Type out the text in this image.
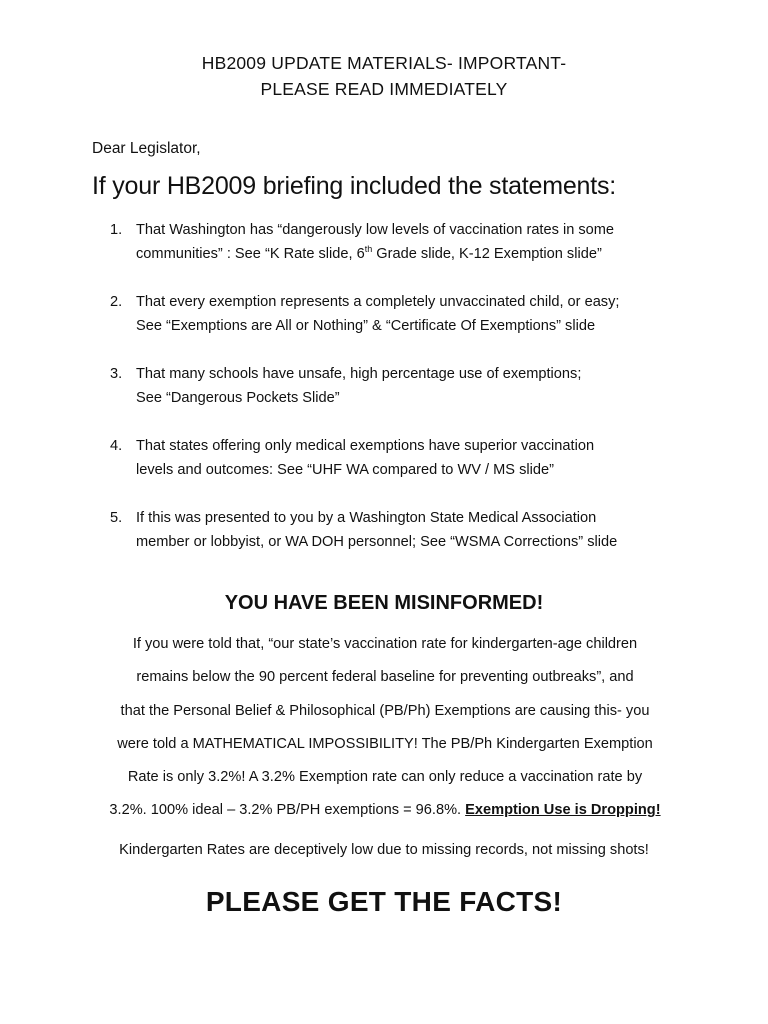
HB2009 UPDATE MATERIALS- IMPORTANT-
PLEASE READ IMMEDIATELY
Dear Legislator,
If your HB2009 briefing included the statements:
1. That Washington has “dangerously low levels of vaccination rates in some
communities” : See “K Rate slide, 6th Grade slide, K-12 Exemption slide”
2. That every exemption represents a completely unvaccinated child, or easy;
See “Exemptions are All or Nothing” & “Certificate Of Exemptions” slide
3. That many schools have unsafe, high percentage use of exemptions;
See “Dangerous Pockets Slide”
4. That states offering only medical exemptions have superior vaccination
levels and outcomes: See “UHF WA compared to WV / MS slide”
5. If this was presented to you by a Washington State Medical Association
member or lobbyist, or WA DOH personnel; See “WSMA Corrections” slide
YOU HAVE BEEN MISINFORMED!
If you were told that, “our state’s vaccination rate for kindergarten-age children
remains below the 90 percent federal baseline for preventing outbreaks”, and
that the Personal Belief & Philosophical (PB/Ph) Exemptions are causing this- you
were told a MATHEMATICAL IMPOSSIBILITY! The PB/Ph Kindergarten Exemption
Rate is only 3.2%! A 3.2% Exemption rate can only reduce a vaccination rate by
3.2%. 100% ideal – 3.2% PB/PH exemptions = 96.8%. Exemption Use is Dropping!
Kindergarten Rates are deceptively low due to missing records, not missing shots!
PLEASE GET THE FACTS!
